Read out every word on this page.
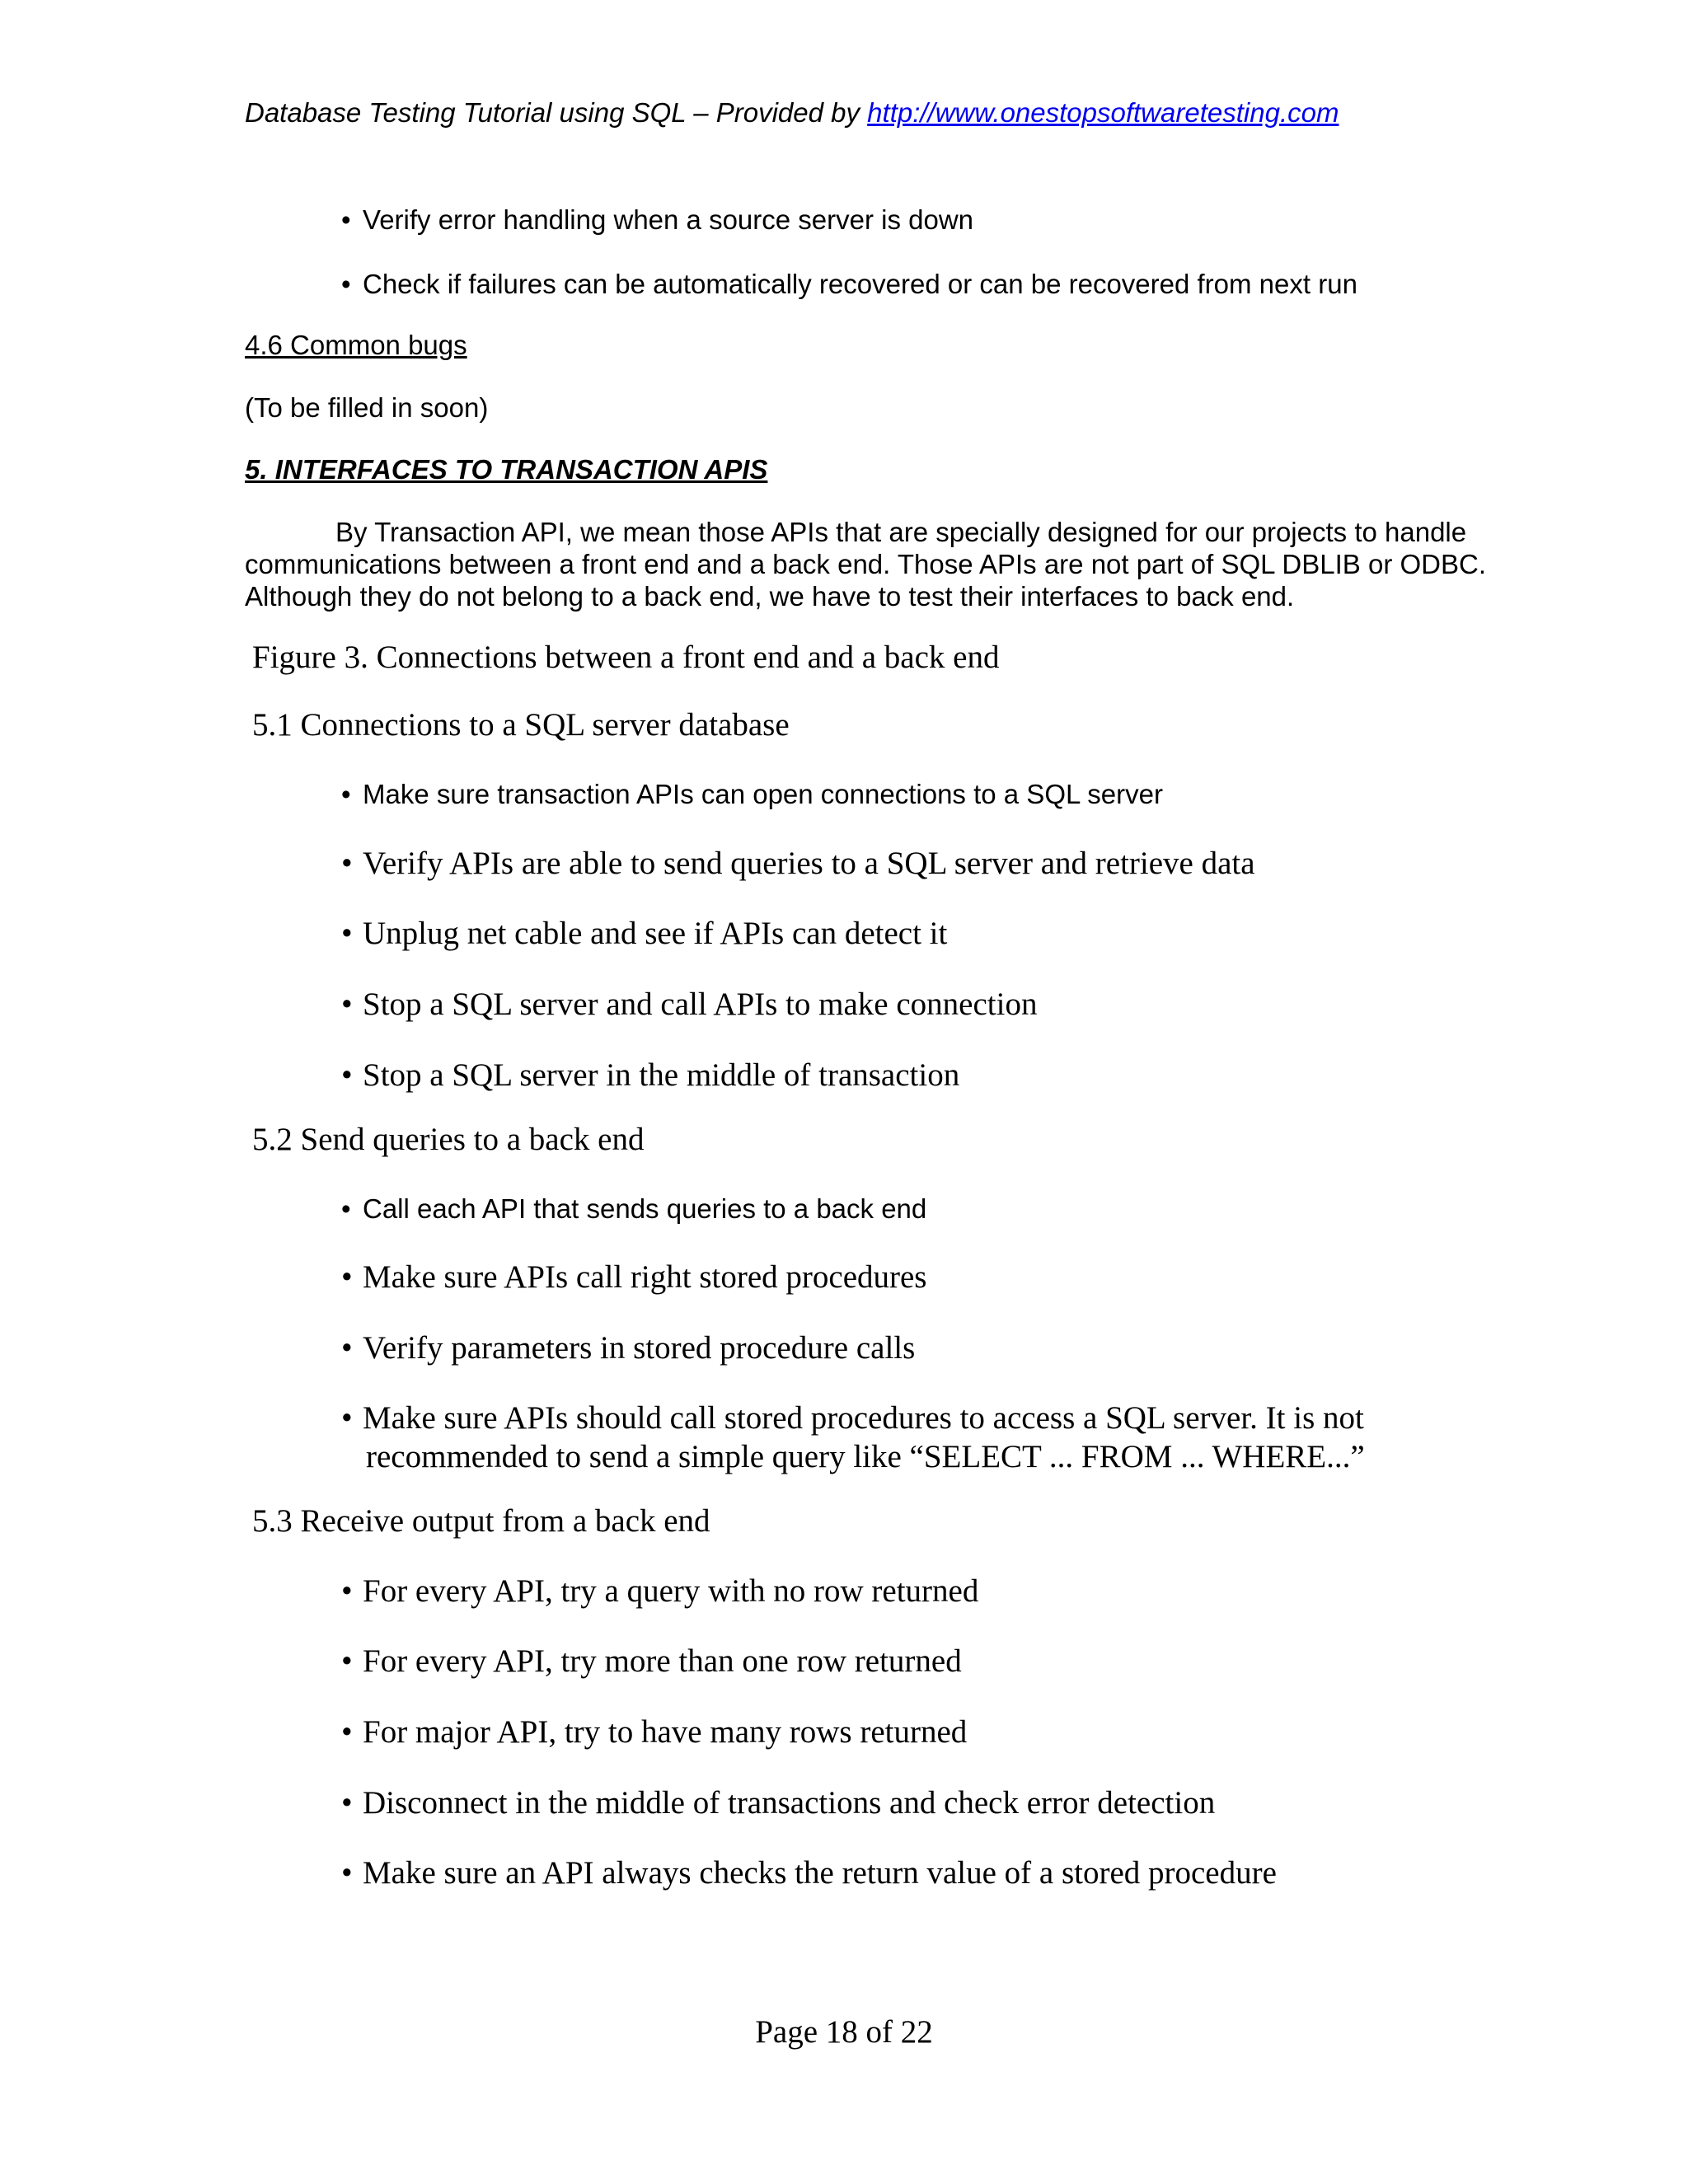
Database Testing Tutorial using SQL – Provided by http://www.onestopsoftwaretesting.com
• Verify error handling when a source server is down
• Check if failures can be automatically recovered or can be recovered from next run
4.6 Common bugs
(To be filled in soon)
5. INTERFACES TO TRANSACTION APIS
By Transaction API, we mean those APIs that are specially designed for our projects to handle communications between a front end and a back end. Those APIs are not part of SQL DBLIB or ODBC. Although they do not belong to a back end, we have to test their interfaces to back end.
Figure 3. Connections between a front end and a back end
5.1 Connections to a SQL server database
• Make sure transaction APIs can open connections to a SQL server
• Verify APIs are able to send queries to a SQL server and retrieve data
• Unplug net cable and see if APIs can detect it
• Stop a SQL server and call APIs to make connection
• Stop a SQL server in the middle of transaction
5.2 Send queries to a back end
• Call each API that sends queries to a back end
• Make sure APIs call right stored procedures
• Verify parameters in stored procedure calls
• Make sure APIs should call stored procedures to access a SQL server. It is not
recommended to send a simple query like “SELECT ... FROM ... WHERE...”
5.3 Receive output from a back end
• For every API, try a query with no row returned
• For every API, try more than one row returned
• For major API, try to have many rows returned
• Disconnect in the middle of transactions and check error detection
• Make sure an API always checks the return value of a stored procedure
Page 18 of 22
